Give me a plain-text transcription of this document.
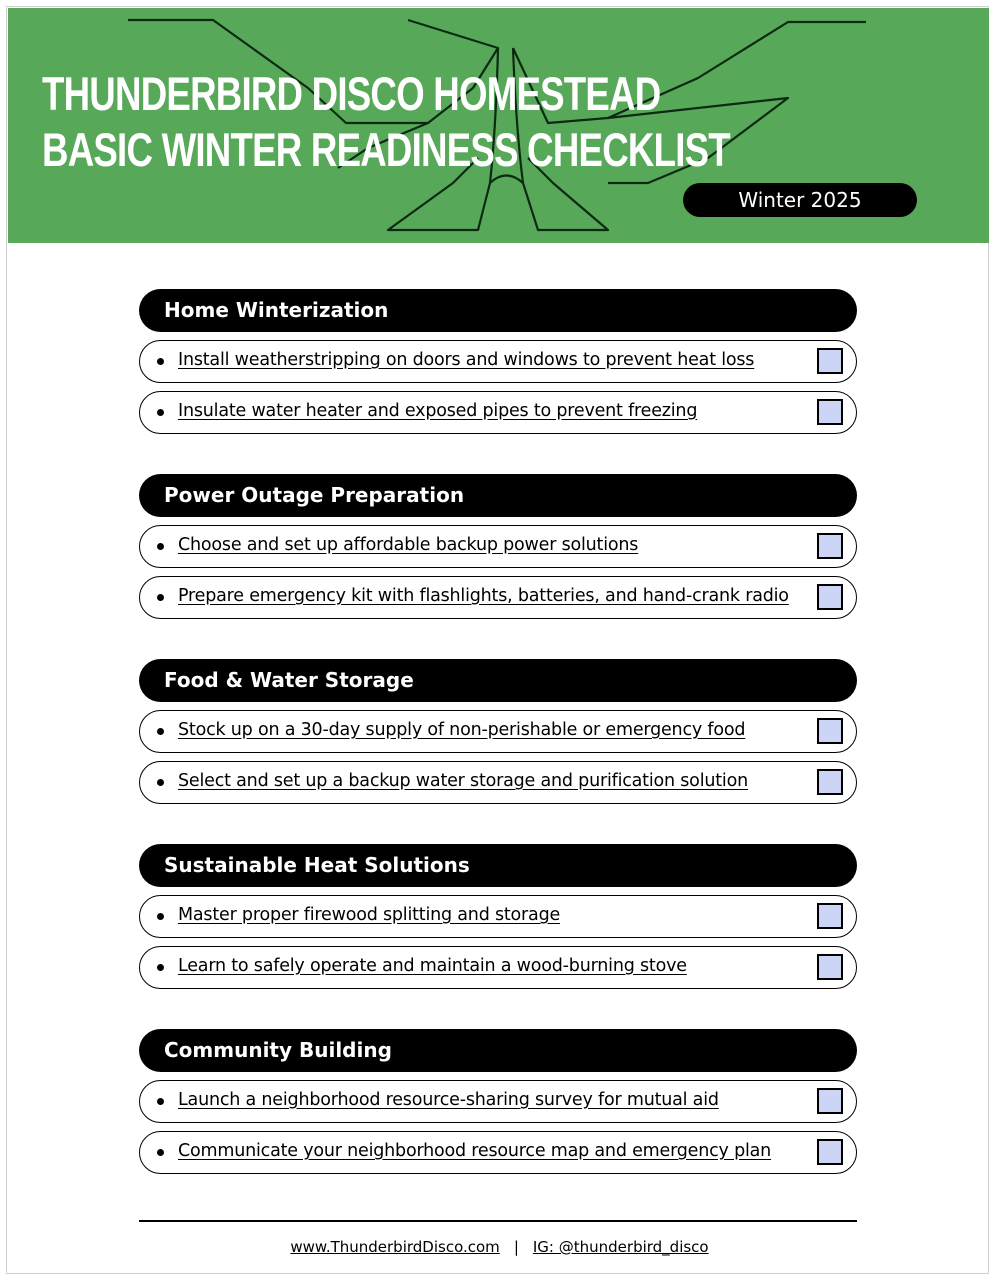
THUNDERBIRD DISCO HOMESTEAD
BASIC WINTER READINESS CHECKLIST
Winter 2025
Home Winterization
Install weatherstripping on doors and windows to prevent heat loss
Insulate water heater and exposed pipes to prevent freezing
Power Outage Preparation
Choose and set up affordable backup power solutions
Prepare emergency kit with flashlights, batteries, and hand-crank radio
Food & Water Storage
Stock up on a 30-day supply of non-perishable or emergency food
Select and set up a backup water storage and purification solution
Sustainable Heat Solutions
Master proper firewood splitting and storage
Learn to safely operate and maintain a wood-burning stove
Community Building
Launch a neighborhood resource-sharing survey for mutual aid
Communicate your neighborhood resource map and emergency plan
www.ThunderbirdDisco.com | IG: @thunderbird_disco
